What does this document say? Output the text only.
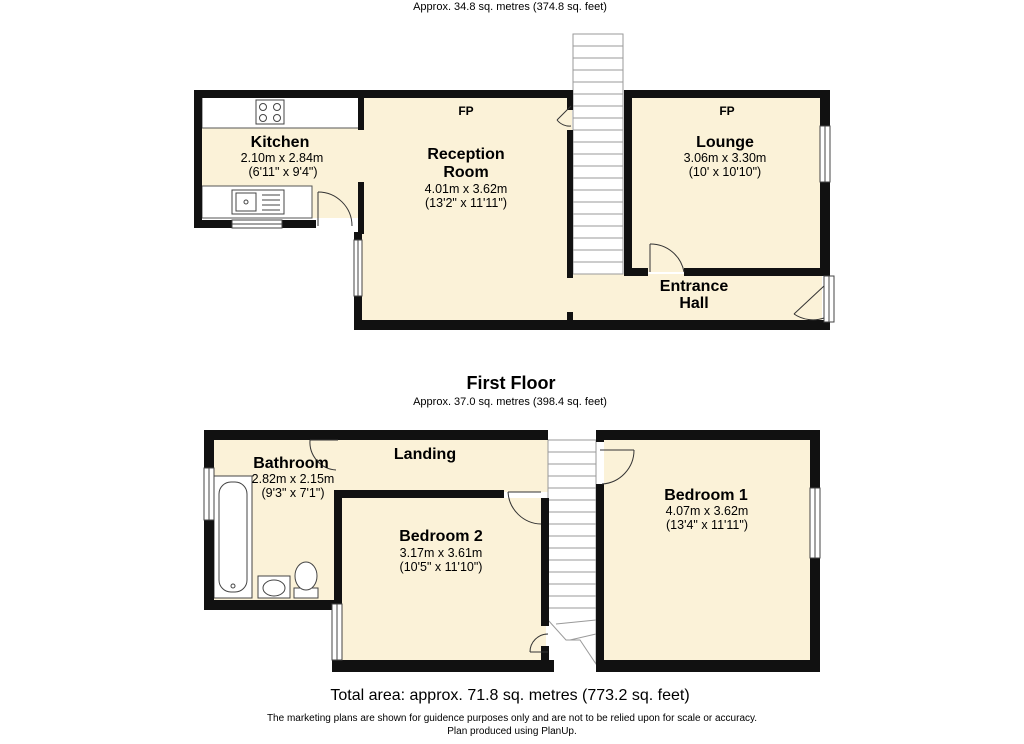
Approx. 34.8 sq. metres (374.8 sq. feet)
Kitchen
2.10m x 2.84m
(6'11" x 9'4")
FP
Reception
Room
4.01m x 3.62m
(13'2" x 11'11")
FP
Lounge
3.06m x 3.30m
(10' x 10'10")
Entrance
Hall
First Floor
Approx. 37.0 sq. metres (398.4 sq. feet)
Bathroom
2.82m x 2.15m
(9'3" x 7'1")
Landing
Bedroom 2
3.17m x 3.61m
(10'5" x 11'10")
Bedroom 1
4.07m x 3.62m
(13'4" x 11'11")
Total area: approx. 71.8 sq. metres (773.2 sq. feet)
The marketing plans are shown for guidence purposes only and are not to be relied upon for scale or accuracy.
Plan produced using PlanUp.
